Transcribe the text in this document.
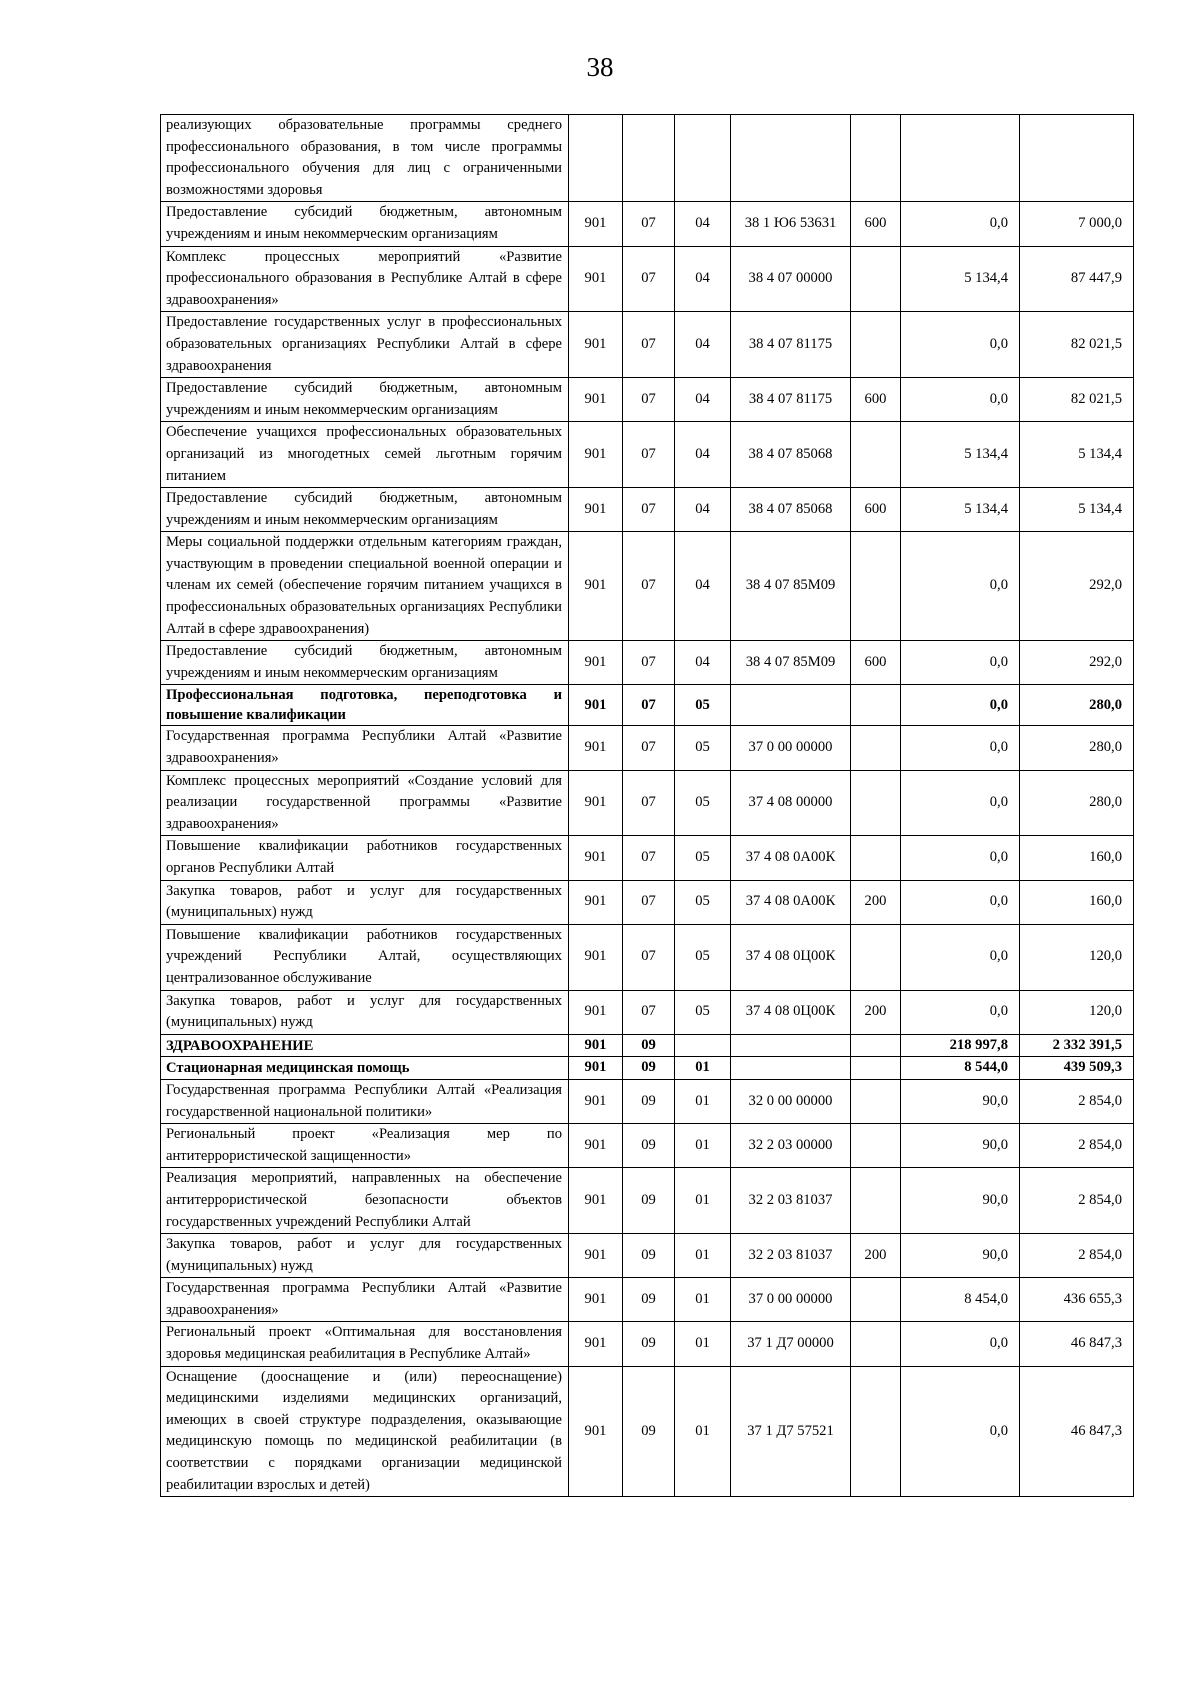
38
реализующих образовательные программы среднего профессионального образования, в том числе программы профессионального обучения для лиц с ограниченными возможностями здоровья							
Предоставление субсидий бюджетным, автономным учреждениям и иным некоммерческим организациям	901	07	04	38 1 Ю6 53631	600	0,0	7 000,0
Комплекс процессных мероприятий «Развитие профессионального образования в Республике Алтай в сфере здравоохранения»	901	07	04	38 4 07 00000		5 134,4	87 447,9
Предоставление государственных услуг в профессиональных образовательных организациях Республики Алтай в сфере здравоохранения	901	07	04	38 4 07 81175		0,0	82 021,5
Предоставление субсидий бюджетным, автономным учреждениям и иным некоммерческим организациям	901	07	04	38 4 07 81175	600	0,0	82 021,5
Обеспечение учащихся профессиональных образовательных организаций из многодетных семей льготным горячим питанием	901	07	04	38 4 07 85068		5 134,4	5 134,4
Предоставление субсидий бюджетным, автономным учреждениям и иным некоммерческим организациям	901	07	04	38 4 07 85068	600	5 134,4	5 134,4
Меры социальной поддержки отдельным категориям граждан, участвующим в проведении специальной военной операции и членам их семей (обеспечение горячим питанием учащихся в профессиональных образовательных организациях Республики Алтай в сфере здравоохранения)	901	07	04	38 4 07 85М09		0,0	292,0
Предоставление субсидий бюджетным, автономным учреждениям и иным некоммерческим организациям	901	07	04	38 4 07 85М09	600	0,0	292,0
Профессиональная подготовка, переподготовка и повышение квалификации	901	07	05			0,0	280,0
Государственная программа Республики Алтай «Развитие здравоохранения»	901	07	05	37 0 00 00000		0,0	280,0
Комплекс процессных мероприятий «Создание условий для реализации государственной программы «Развитие здравоохранения»	901	07	05	37 4 08 00000		0,0	280,0
Повышение квалификации работников государственных органов Республики Алтай	901	07	05	37 4 08 0А00К		0,0	160,0
Закупка товаров, работ и услуг для государственных (муниципальных) нужд	901	07	05	37 4 08 0А00К	200	0,0	160,0
Повышение квалификации работников государственных учреждений Республики Алтай, осуществляющих централизованное обслуживание	901	07	05	37 4 08 0Ц00К		0,0	120,0
Закупка товаров, работ и услуг для государственных (муниципальных) нужд	901	07	05	37 4 08 0Ц00К	200	0,0	120,0
ЗДРАВООХРАНЕНИЕ	901	09				218 997,8	2 332 391,5
Стационарная медицинская помощь	901	09	01			8 544,0	439 509,3
Государственная программа Республики Алтай «Реализация государственной национальной политики»	901	09	01	32 0 00 00000		90,0	2 854,0
Региональный проект «Реализация мер по антитеррористической защищенности»	901	09	01	32 2 03 00000		90,0	2 854,0
Реализация мероприятий, направленных на обеспечение антитеррористической безопасности объектов государственных учреждений Республики Алтай	901	09	01	32 2 03 81037		90,0	2 854,0
Закупка товаров, работ и услуг для государственных (муниципальных) нужд	901	09	01	32 2 03 81037	200	90,0	2 854,0
Государственная программа Республики Алтай «Развитие здравоохранения»	901	09	01	37 0 00 00000		8 454,0	436 655,3
Региональный проект «Оптимальная для восстановления здоровья медицинская реабилитация в Республике Алтай»	901	09	01	37 1 Д7 00000		0,0	46 847,3
Оснащение (дооснащение и (или) переоснащение) медицинскими изделиями медицинских организаций, имеющих в своей структуре подразделения, оказывающие медицинскую помощь по медицинской реабилитации (в соответствии с порядками организации медицинской реабилитации взрослых и детей)	901	09	01	37 1 Д7 57521		0,0	46 847,3
